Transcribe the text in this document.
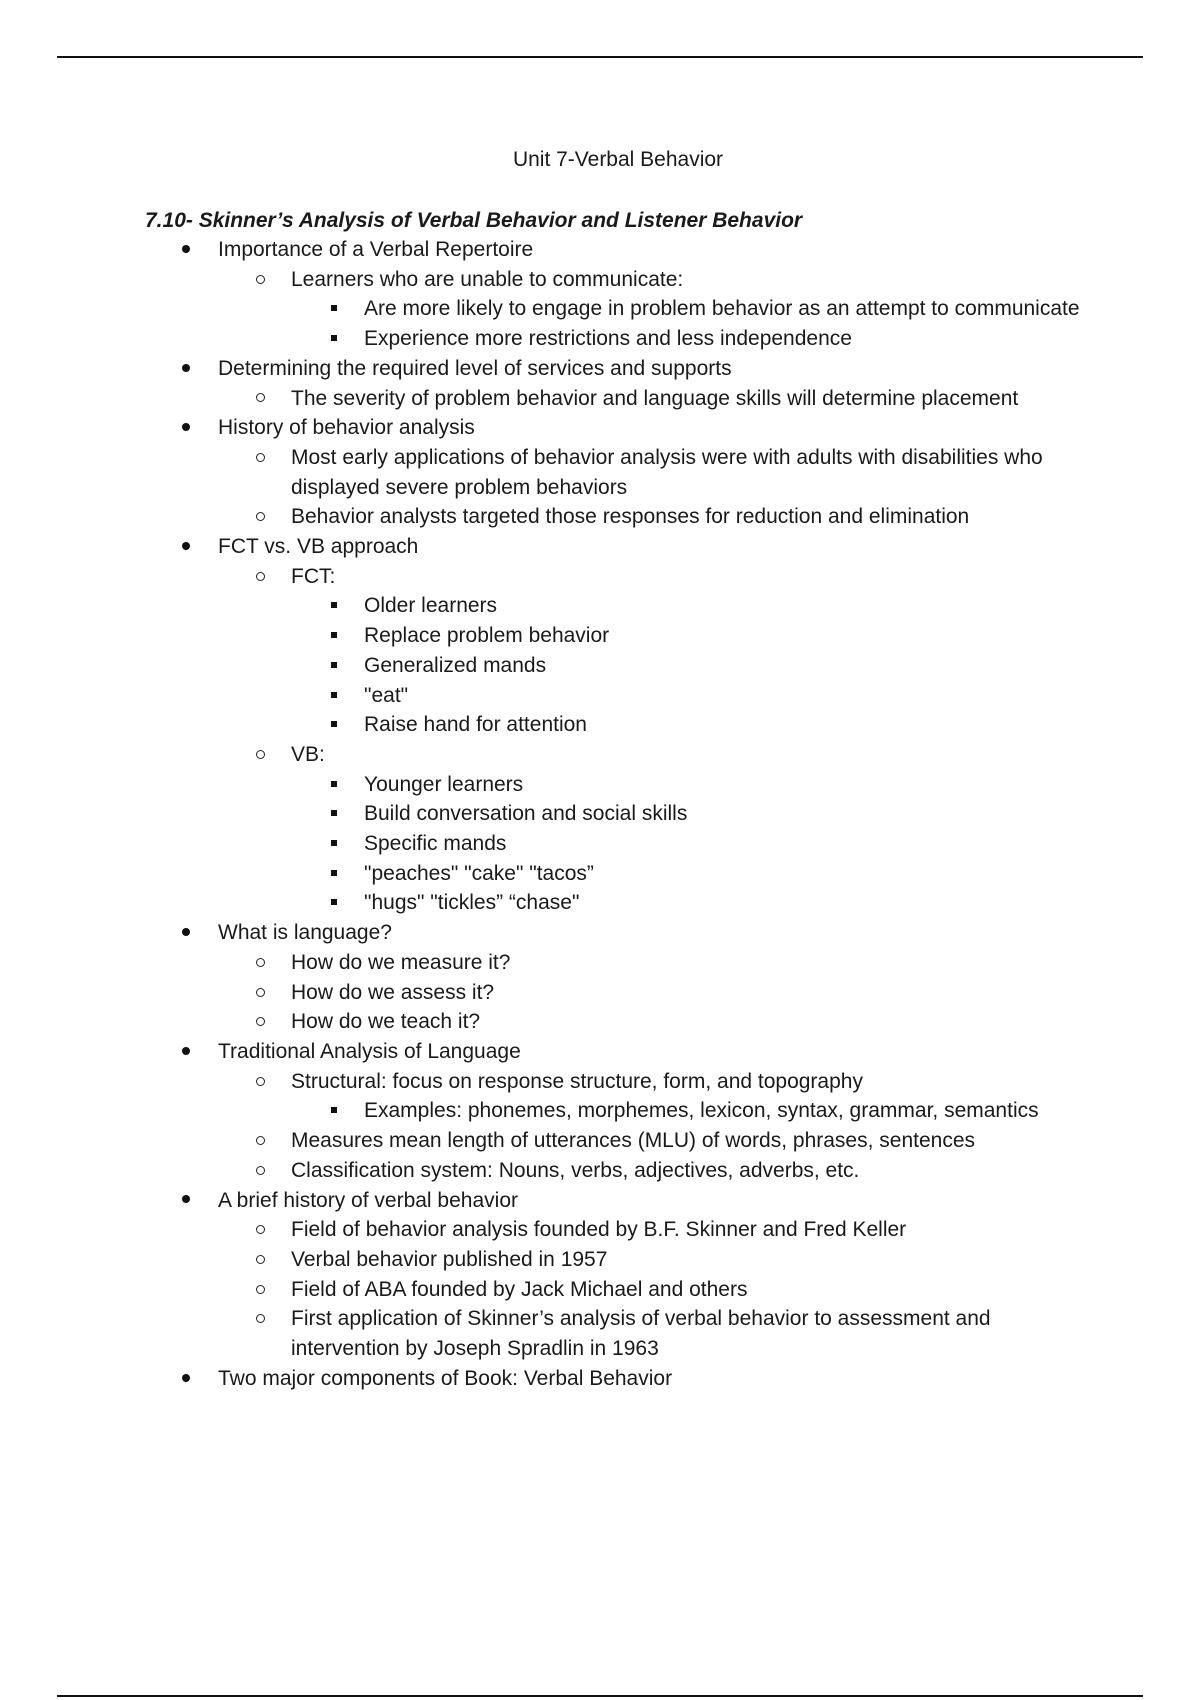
Unit 7-Verbal Behavior
7.10- Skinner’s Analysis of Verbal Behavior and Listener Behavior
Importance of a Verbal Repertoire
Learners who are unable to communicate:
Are more likely to engage in problem behavior as an attempt to communicate
Experience more restrictions and less independence
Determining the required level of services and supports
The severity of problem behavior and language skills will determine placement
History of behavior analysis
Most early applications of behavior analysis were with adults with disabilities who displayed severe problem behaviors
Behavior analysts targeted those responses for reduction and elimination
FCT vs. VB approach
FCT:
Older learners
Replace problem behavior
Generalized mands
"eat"
Raise hand for attention
VB:
Younger learners
Build conversation and social skills
Specific mands
"peaches" "cake" "tacos”
"hugs" "tickles” “chase"
What is language?
How do we measure it?
How do we assess it?
How do we teach it?
Traditional Analysis of Language
Structural: focus on response structure, form, and topography
Examples: phonemes, morphemes, lexicon, syntax, grammar, semantics
Measures mean length of utterances (MLU) of words, phrases, sentences
Classification system: Nouns, verbs, adjectives, adverbs, etc.
A brief history of verbal behavior
Field of behavior analysis founded by B.F. Skinner and Fred Keller
Verbal behavior published in 1957
Field of ABA founded by Jack Michael and others
First application of Skinner’s analysis of verbal behavior to assessment and intervention by Joseph Spradlin in 1963
Two major components of Book: Verbal Behavior
